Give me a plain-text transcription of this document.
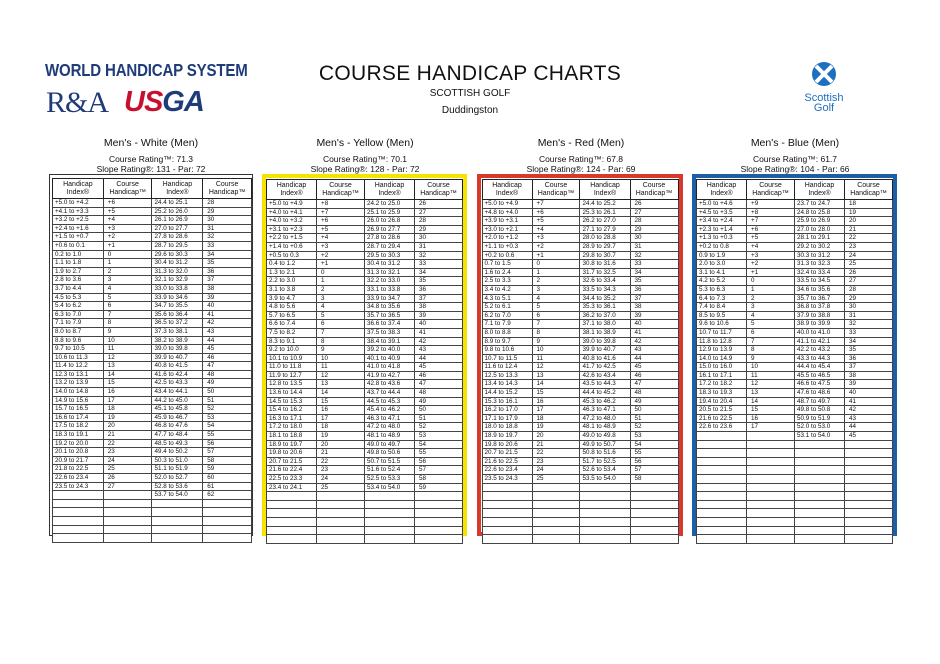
WORLD HANDICAP SYSTEM
R&A USGA
COURSE HANDICAP CHARTS
SCOTTISH GOLF
Duddingston
Scottish
Golf
Men's - White (Men)
Course Rating™: 71.3
Slope Rating®: 131 - Par: 72
Men's - Yellow (Men)
Course Rating™: 70.1
Slope Rating®: 128 - Par: 72
Men's - Red (Men)
Course Rating™: 67.8
Slope Rating®: 124 - Par: 69
Men's - Blue (Men)
Course Rating™: 61.7
Slope Rating®: 104 - Par: 66
Handicap Index®	Course Handicap™	Handicap Index®	Course Handicap™
+5.0 to +4.2	+6	24.4 to 25.1	28
+4.1 to +3.3	+5	25.2 to 26.0	29
+3.2 to +2.5	+4	26.1 to 26.9	30
+2.4 to +1.6	+3	27.0 to 27.7	31
+1.5 to +0.7	+2	27.8 to 28.6	32
+0.6 to 0.1	+1	28.7 to 29.5	33
0.2 to 1.0	0	29.6 to 30.3	34
1.1 to 1.8	1	30.4 to 31.2	35
1.9 to 2.7	2	31.3 to 32.0	36
2.8 to 3.6	3	32.1 to 32.9	37
3.7 to 4.4	4	33.0 to 33.8	38
4.5 to 5.3	5	33.9 to 34.6	39
5.4 to 6.2	6	34.7 to 35.5	40
6.3 to 7.0	7	35.6 to 36.4	41
7.1 to 7.9	8	36.5 to 37.2	42
8.0 to 8.7	9	37.3 to 38.1	43
8.8 to 9.6	10	38.2 to 38.9	44
9.7 to 10.5	11	39.0 to 39.8	45
10.6 to 11.3	12	39.9 to 40.7	46
11.4 to 12.2	13	40.8 to 41.5	47
12.3 to 13.1	14	41.6 to 42.4	48
13.2 to 13.9	15	42.5 to 43.3	49
14.0 to 14.8	16	43.4 to 44.1	50
14.9 to 15.6	17	44.2 to 45.0	51
15.7 to 16.5	18	45.1 to 45.8	52
16.6 to 17.4	19	45.9 to 46.7	53
17.5 to 18.2	20	46.8 to 47.6	54
18.3 to 19.1	21	47.7 to 48.4	55
19.2 to 20.0	22	48.5 to 49.3	56
20.1 to 20.8	23	49.4 to 50.2	57
20.9 to 21.7	24	50.3 to 51.0	58
21.8 to 22.5	25	51.1 to 51.9	59
22.6 to 23.4	26	52.0 to 52.7	60
23.5 to 24.3	27	52.8 to 53.6	61
		53.7 to 54.0	62

Handicap Index®	Course Handicap™	Handicap Index®	Course Handicap™
+5.0 to +4.9	+8	24.2 to 25.0	26
+4.0 to +4.1	+7	25.1 to 25.9	27
+4.0 to +3.2	+6	26.0 to 26.8	28
+3.1 to +2.3	+5	26.9 to 27.7	29
+2.2 to +1.5	+4	27.8 to 28.6	30
+1.4 to +0.6	+3	28.7 to 29.4	31
+0.5 to 0.3	+2	29.5 to 30.3	32
0.4 to 1.2	+1	30.4 to 31.2	33
1.3 to 2.1	0	31.3 to 32.1	34
2.2 to 3.0	1	32.2 to 33.0	35
3.1 to 3.8	2	33.1 to 33.8	36
3.9 to 4.7	3	33.9 to 34.7	37
4.8 to 5.6	4	34.8 to 35.6	38
5.7 to 6.5	5	35.7 to 36.5	39
6.6 to 7.4	6	36.6 to 37.4	40
7.5 to 8.2	7	37.5 to 38.3	41
8.3 to 9.1	8	38.4 to 39.1	42
9.2 to 10.0	9	39.2 to 40.0	43
10.1 to 10.9	10	40.1 to 40.9	44
11.0 to 11.8	11	41.0 to 41.8	45
11.9 to 12.7	12	41.9 to 42.7	46
12.8 to 13.5	13	42.8 to 43.6	47
13.6 to 14.4	14	43.7 to 44.4	48
14.5 to 15.3	15	44.5 to 45.3	49
15.4 to 16.2	16	45.4 to 46.2	50
16.3 to 17.1	17	46.3 to 47.1	51
17.2 to 18.0	18	47.2 to 48.0	52
18.1 to 18.8	19	48.1 to 48.9	53
18.9 to 19.7	20	49.0 to 49.7	54
19.8 to 20.6	21	49.8 to 50.6	55
20.7 to 21.5	22	50.7 to 51.5	56
21.6 to 22.4	23	51.6 to 52.4	57
22.5 to 23.3	24	52.5 to 53.3	58
23.4 to 24.1	25	53.4 to 54.0	59

Handicap Index®	Course Handicap™	Handicap Index®	Course Handicap™
+5.0 to +4.9	+7	24.4 to 25.2	26
+4.8 to +4.0	+6	25.3 to 26.1	27
+3.9 to +3.1	+5	26.2 to 27.0	28
+3.0 to +2.1	+4	27.1 to 27.9	29
+2.0 to +1.2	+3	28.0 to 28.8	30
+1.1 to +0.3	+2	28.9 to 29.7	31
+0.2 to 0.6	+1	29.8 to 30.7	32
0.7 to 1.5	0	30.8 to 31.6	33
1.6 to 2.4	1	31.7 to 32.5	34
2.5 to 3.3	2	32.6 to 33.4	35
3.4 to 4.2	3	33.5 to 34.3	36
4.3 to 5.1	4	34.4 to 35.2	37
5.2 to 6.1	5	35.3 to 36.1	38
6.2 to 7.0	6	36.2 to 37.0	39
7.1 to 7.9	7	37.1 to 38.0	40
8.0 to 8.8	8	38.1 to 38.9	41
8.9 to 9.7	9	39.0 to 39.8	42
9.8 to 10.6	10	39.9 to 40.7	43
10.7 to 11.5	11	40.8 to 41.6	44
11.6 to 12.4	12	41.7 to 42.5	45
12.5 to 13.3	13	42.6 to 43.4	46
13.4 to 14.3	14	43.5 to 44.3	47
14.4 to 15.2	15	44.4 to 45.2	48
15.3 to 16.1	16	45.3 to 46.2	49
16.2 to 17.0	17	46.3 to 47.1	50
17.1 to 17.9	18	47.2 to 48.0	51
18.0 to 18.8	19	48.1 to 48.9	52
18.9 to 19.7	20	49.0 to 49.8	53
19.8 to 20.6	21	49.9 to 50.7	54
20.7 to 21.5	22	50.8 to 51.6	55
21.6 to 22.5	23	51.7 to 52.5	56
22.6 to 23.4	24	52.6 to 53.4	57
23.5 to 24.3	25	53.5 to 54.0	58

Handicap Index®	Course Handicap™	Handicap Index®	Course Handicap™
+5.0 to +4.6	+9	23.7 to 24.7	18
+4.5 to +3.5	+8	24.8 to 25.8	19
+3.4 to +2.4	+7	25.9 to 26.9	20
+2.3 to +1.4	+6	27.0 to 28.0	21
+1.3 to +0.3	+5	28.1 to 29.1	22
+0.2 to 0.8	+4	29.2 to 30.2	23
0.9 to 1.9	+3	30.3 to 31.2	24
2.0 to 3.0	+2	31.3 to 32.3	25
3.1 to 4.1	+1	32.4 to 33.4	26
4.2 to 5.2	0	33.5 to 34.5	27
5.3 to 6.3	1	34.6 to 35.6	28
6.4 to 7.3	2	35.7 to 36.7	29
7.4 to 8.4	3	36.8 to 37.8	30
8.5 to 9.5	4	37.9 to 38.8	31
9.6 to 10.6	5	38.9 to 39.9	32
10.7 to 11.7	6	40.0 to 41.0	33
11.8 to 12.8	7	41.1 to 42.1	34
12.9 to 13.9	8	42.2 to 43.2	35
14.0 to 14.9	9	43.3 to 44.3	36
15.0 to 16.0	10	44.4 to 45.4	37
16.1 to 17.1	11	45.5 to 46.5	38
17.2 to 18.2	12	46.6 to 47.5	39
18.3 to 19.3	13	47.6 to 48.6	40
19.4 to 20.4	14	48.7 to 49.7	41
20.5 to 21.5	15	49.8 to 50.8	42
21.6 to 22.5	16	50.9 to 51.9	43
22.6 to 23.6	17	52.0 to 53.0	44
		53.1 to 54.0	45
